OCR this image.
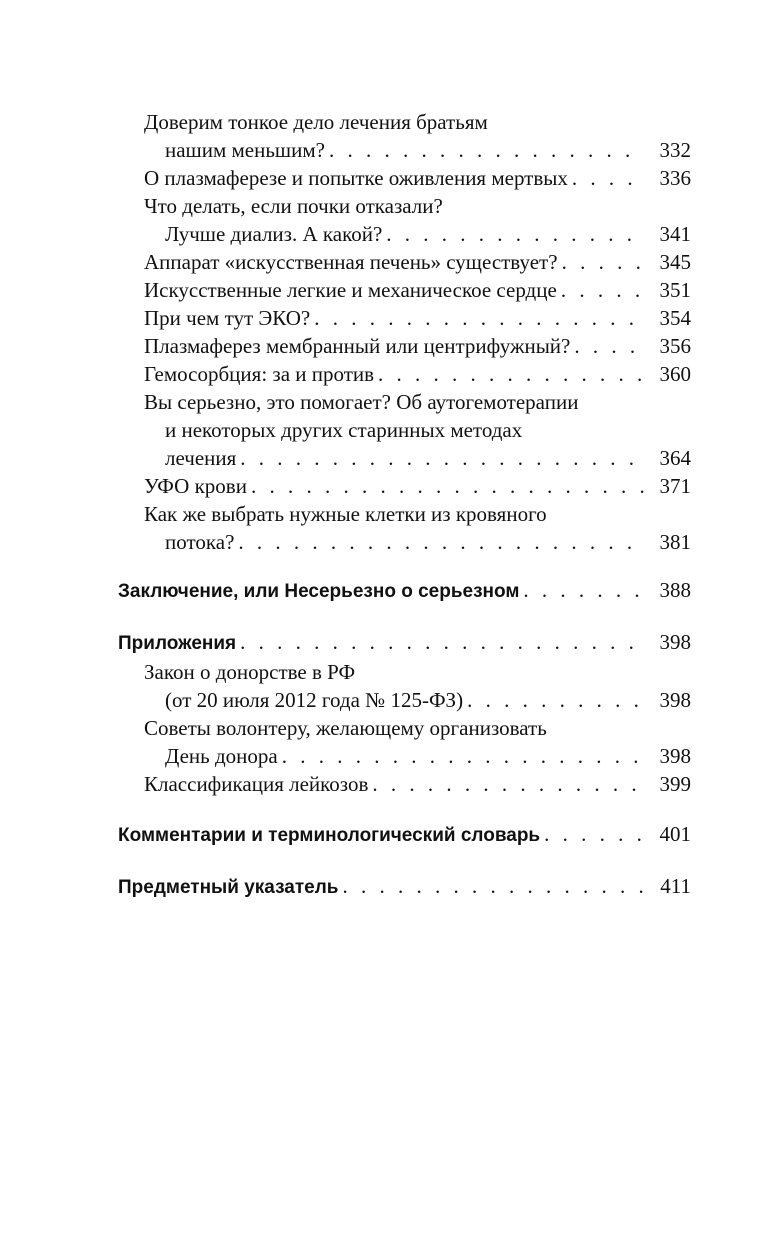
Доверим тонкое дело лечения братьям
нашим меньшим? . . .	332
О плазмаферезе и попытке оживления мертвых . . .	336
Что делать, если почки отказали?
Лучше диализ. А какой? . . .	341
Аппарат «искусственная печень» существует? . . .	345
Искусственные легкие и механическое сердце . . .	351
При чем тут ЭКО? . . .	354
Плазмаферез мембранный или центрифужный? . . .	356
Гемосорбция: за и против . . .	360
Вы серьезно, это помогает? Об аутогемотерапии
и некоторых других старинных методах
лечения . . .	364
УФО крови . . .	371
Как же выбрать нужные клетки из кровяного
потока? . . .	381
Заключение, или Несерьезно о серьезном . . .	388
Приложения . . .	398
Закон о донорстве в РФ
(от 20 июля 2012 года № 125-ФЗ) . . .	398
Советы волонтеру, желающему организовать
День донора . . .	398
Классификация лейкозов . . .	399
Комментарии и терминологический словарь . . .	401
Предметный указатель . . .	411
